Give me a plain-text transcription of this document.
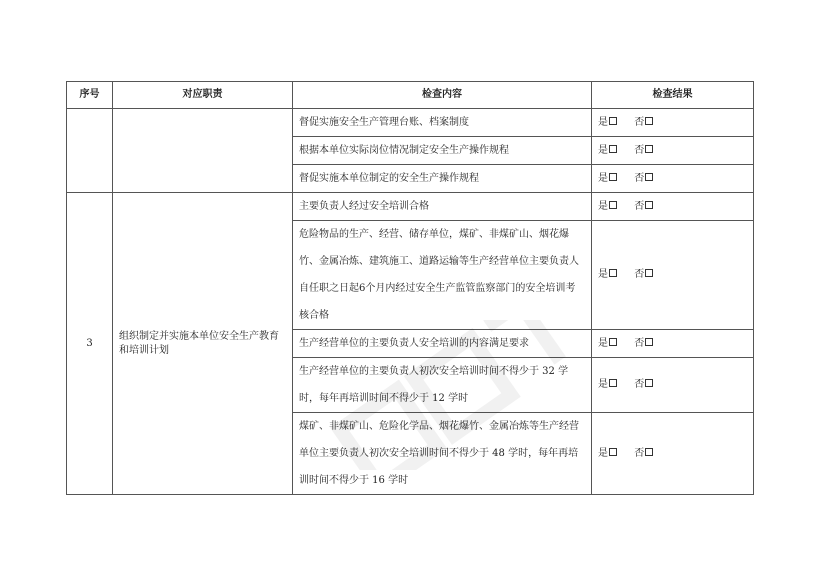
序号	对应职责	检查内容	检查结果
		督促实施安全生产管理台账、档案制度	是 否
		根据本单位实际岗位情况制定安全生产操作规程	是 否
		督促实施本单位制定的安全生产操作规程	是 否
3	组织制定并实施本单位安全生产教育和培训计划	主要负责人经过安全培训合格	是 否
		危险物品的生产、经营、储存单位，煤矿、非煤矿山、烟花爆竹、金属冶炼、建筑施工、道路运输等生产经营单位主要负责人自任职之日起6个月内经过安全生产监管监察部门的安全培训考核合格	是 否
		生产经营单位的主要负责人安全培训的内容满足要求	是 否
		生产经营单位的主要负责人初次安全培训时间不得少于 32 学时，每年再培训时间不得少于 12 学时	是 否
		煤矿、非煤矿山、危险化学品、烟花爆竹、金属冶炼等生产经营单位主要负责人初次安全培训时间不得少于 48 学时，每年再培训时间不得少于 16 学时	是 否
